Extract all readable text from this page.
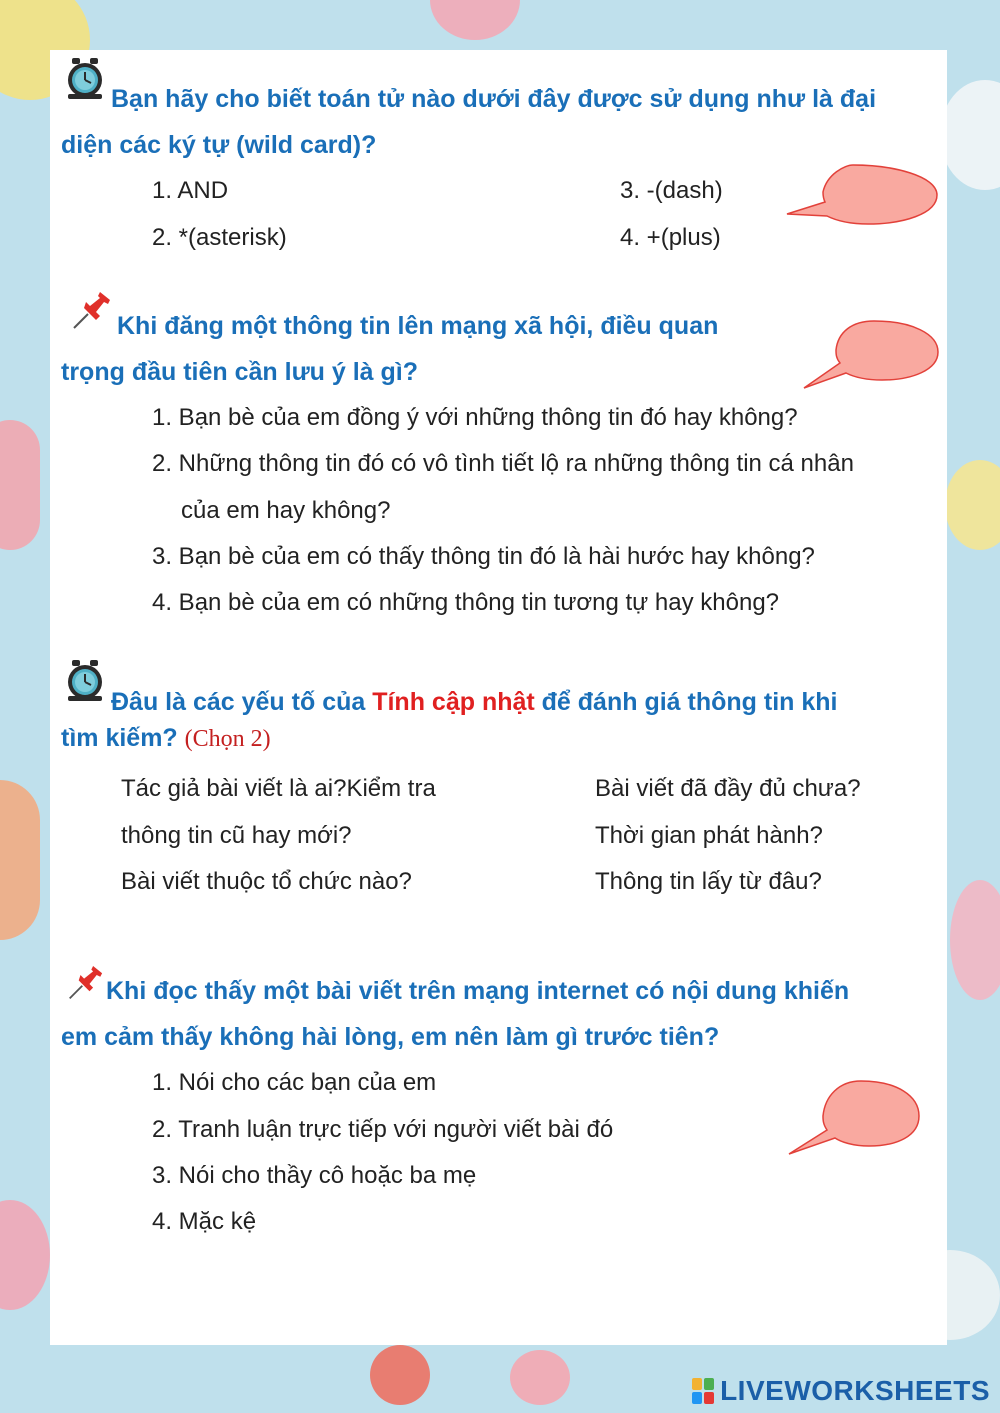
Bạn hãy cho biết toán tử nào dưới đây được sử dụng như là đại
diện các ký tự (wild card)?
1. AND
2. *(asterisk)
3. -(dash)
4. +(plus)
Khi đăng một thông tin lên mạng xã hội, điều quan
trọng đầu tiên cần lưu ý là gì?
1. Bạn bè của em đồng ý với những thông tin đó hay không?
2. Những thông tin đó có vô tình tiết lộ ra những thông tin cá nhân
của em hay không?
3. Bạn bè của em có thấy thông tin đó là hài hước hay không?
4. Bạn bè của em có những thông tin tương tự hay không?
Đâu là các yếu tố của Tính cập nhật để đánh giá thông tin khi
tìm kiếm? (Chọn 2)
Tác giả bài viết là ai?Kiểm tra
thông tin cũ hay mới?
Bài viết thuộc tổ chức nào?
Bài viết đã đầy đủ chưa?
Thời gian phát hành?
Thông tin lấy từ đâu?
Khi đọc thấy một bài viết trên mạng internet có nội dung khiến
em cảm thấy không hài lòng, em nên làm gì trước tiên?
1. Nói cho các bạn của em
2. Tranh luận trực tiếp với người viết bài đó
3. Nói cho thầy cô hoặc ba mẹ
4. Mặc kệ
LIVEWORKSHEETS
